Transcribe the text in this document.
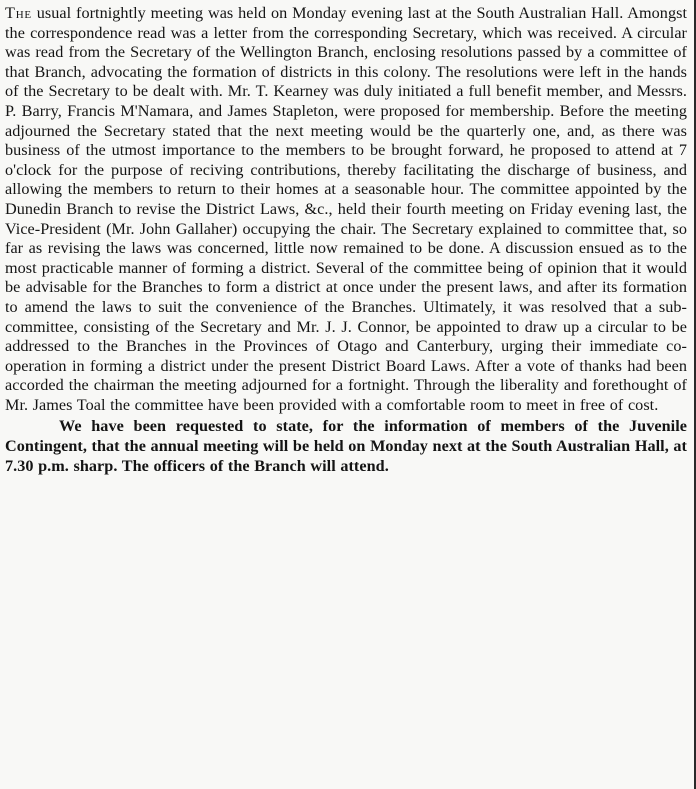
The usual fortnightly meeting was held on Monday evening last at the South Australian Hall. Amongst the correspondence read was a letter from the corresponding Secretary, which was received. A circular was read from the Secretary of the Wellington Branch, enclosing resolutions passed by a committee of that Branch, advocating the formation of districts in this colony. The resolutions were left in the hands of the Secretary to be dealt with. Mr. T. Kearney was duly initiated a full benefit member, and Messrs. P. Barry, Francis M'Namara, and James Stapleton, were proposed for membership. Before the meeting adjourned the Secretary stated that the next meeting would be the quarterly one, and, as there was business of the utmost importance to the members to be brought forward, he proposed to attend at 7 o'clock for the purpose of reciving contributions, thereby facilitating the discharge of business, and allowing the members to return to their homes at a seasonable hour. The committee appointed by the Dunedin Branch to revise the District Laws, &c., held their fourth meeting on Friday evening last, the Vice-President (Mr. John Gallaher) occupying the chair. The Secretary explained to committee that, so far as revising the laws was concerned, little now remained to be done. A discussion ensued as to the most practicable manner of forming a district. Several of the committee being of opinion that it would be advisable for the Branches to form a district at once under the present laws, and after its formation to amend the laws to suit the convenience of the Branches. Ultimately, it was resolved that a sub-committee, consisting of the Secretary and Mr. J. J. Connor, be appointed to draw up a circular to be addressed to the Branches in the Provinces of Otago and Canterbury, urging their immediate co-operation in forming a district under the present District Board Laws. After a vote of thanks had been accorded the chairman the meeting adjourned for a fortnight. Through the liberality and forethought of Mr. James Toal the committee have been provided with a comfortable room to meet in free of cost.

We have been requested to state, for the information of members of the Juvenile Contingent, that the annual meeting will be held on Monday next at the South Australian Hall, at 7.30 p.m. sharp. The officers of the Branch will attend.
